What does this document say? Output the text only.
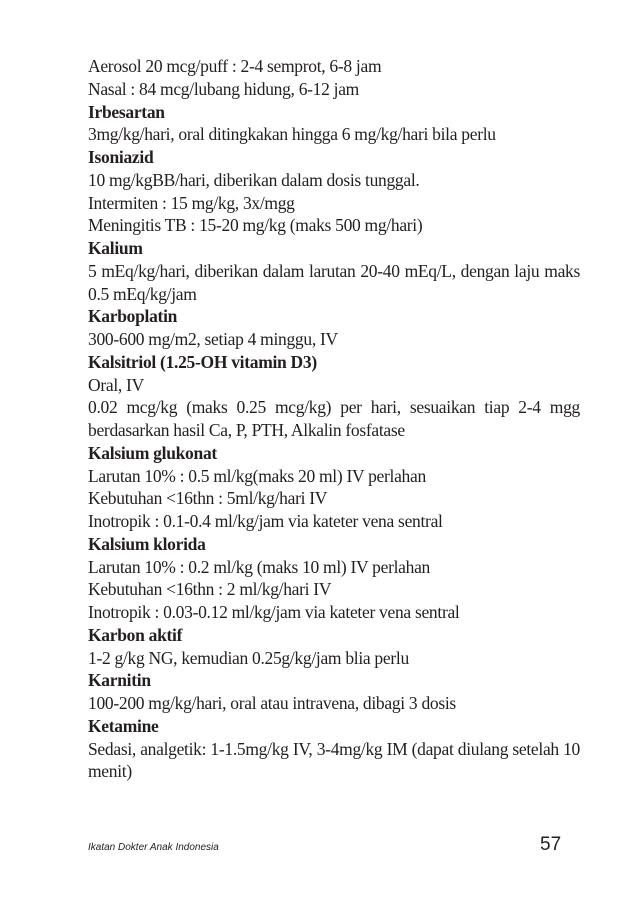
Aerosol 20 mcg/puff : 2-4 semprot, 6-8 jam
Nasal : 84 mcg/lubang hidung, 6-12 jam
Irbesartan
3mg/kg/hari, oral ditingkakan hingga 6 mg/kg/hari bila perlu
Isoniazid
10 mg/kgBB/hari, diberikan dalam dosis tunggal.
Intermiten : 15 mg/kg, 3x/mgg
Meningitis TB : 15-20 mg/kg (maks 500 mg/hari)
Kalium
5 mEq/kg/hari, diberikan dalam larutan 20-40 mEq/L, dengan laju maks 0.5 mEq/kg/jam
Karboplatin
300-600 mg/m2, setiap 4 minggu, IV
Kalsitriol (1.25-OH vitamin D3)
Oral, IV
0.02 mcg/kg (maks 0.25 mcg/kg) per hari, sesuaikan tiap 2-4 mgg berdasarkan hasil Ca, P, PTH, Alkalin fosfatase
Kalsium glukonat
Larutan 10% : 0.5 ml/kg(maks 20 ml) IV perlahan
Kebutuhan <16thn : 5ml/kg/hari IV
Inotropik : 0.1-0.4 ml/kg/jam via kateter vena sentral
Kalsium klorida
Larutan 10% : 0.2 ml/kg (maks 10 ml) IV perlahan
Kebutuhan <16thn : 2 ml/kg/hari IV
Inotropik : 0.03-0.12 ml/kg/jam via kateter vena sentral
Karbon aktif
1-2 g/kg NG, kemudian 0.25g/kg/jam blia perlu
Karnitin
100-200 mg/kg/hari, oral atau intravena, dibagi 3 dosis
Ketamine
Sedasi, analgetik: 1-1.5mg/kg IV, 3-4mg/kg IM (dapat diulang setelah 10 menit)
Ikatan Dokter Anak Indonesia	57
